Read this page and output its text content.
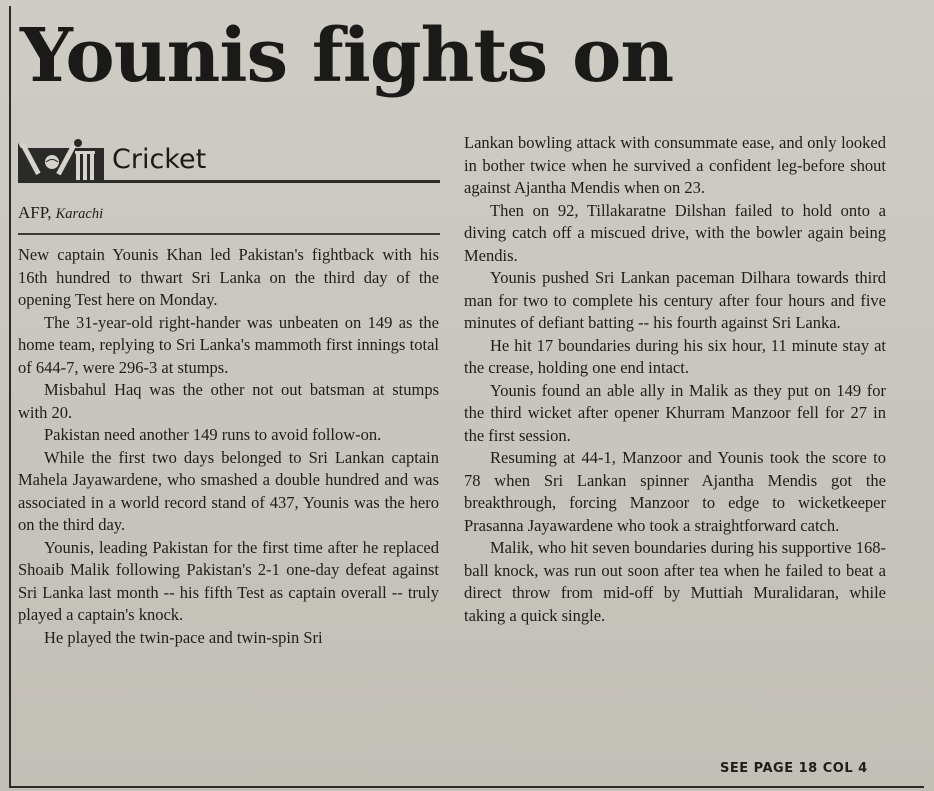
Younis fights on
Cricket
AFP, Karachi

New captain Younis Khan led Pakistan's fightback with his 16th hundred to thwart Sri Lanka on the third day of the opening Test here on Monday.

The 31-year-old right-hander was unbeaten on 149 as the home team, replying to Sri Lanka's mammoth first innings total of 644-7, were 296-3 at stumps.

Misbahul Haq was the other not out batsman at stumps with 20.

Pakistan need another 149 runs to avoid follow-on.

While the first two days belonged to Sri Lankan captain Mahela Jayawardene, who smashed a double hundred and was associated in a world record stand of 437, Younis was the hero on the third day.

Younis, leading Pakistan for the first time after he replaced Shoaib Malik following Pakistan's 2-1 one-day defeat against Sri Lanka last month -- his fifth Test as captain overall -- truly played a captain's knock.

He played the twin-pace and twin-spin Sri

Lankan bowling attack with consummate ease, and only looked in bother twice when he survived a confident leg-before shout against Ajantha Mendis when on 23.

Then on 92, Tillakaratne Dilshan failed to hold onto a diving catch off a miscued drive, with the bowler again being Mendis.

Younis pushed Sri Lankan paceman Dilhara towards third man for two to complete his century after four hours and five minutes of defiant batting -- his fourth against Sri Lanka.

He hit 17 boundaries during his six hour, 11 minute stay at the crease, holding one end intact.

Younis found an able ally in Malik as they put on 149 for the third wicket after opener Khurram Manzoor fell for 27 in the first session.

Resuming at 44-1, Manzoor and Younis took the score to 78 when Sri Lankan spinner Ajantha Mendis got the breakthrough, forcing Manzoor to edge to wicketkeeper Prasanna Jayawardene who took a straightforward catch.

Malik, who hit seven boundaries during his supportive 168-ball knock, was run out soon after tea when he failed to beat a direct throw from mid-off by Muttiah Muralidaran, while taking a quick single.

SEE PAGE 18 COL 4
